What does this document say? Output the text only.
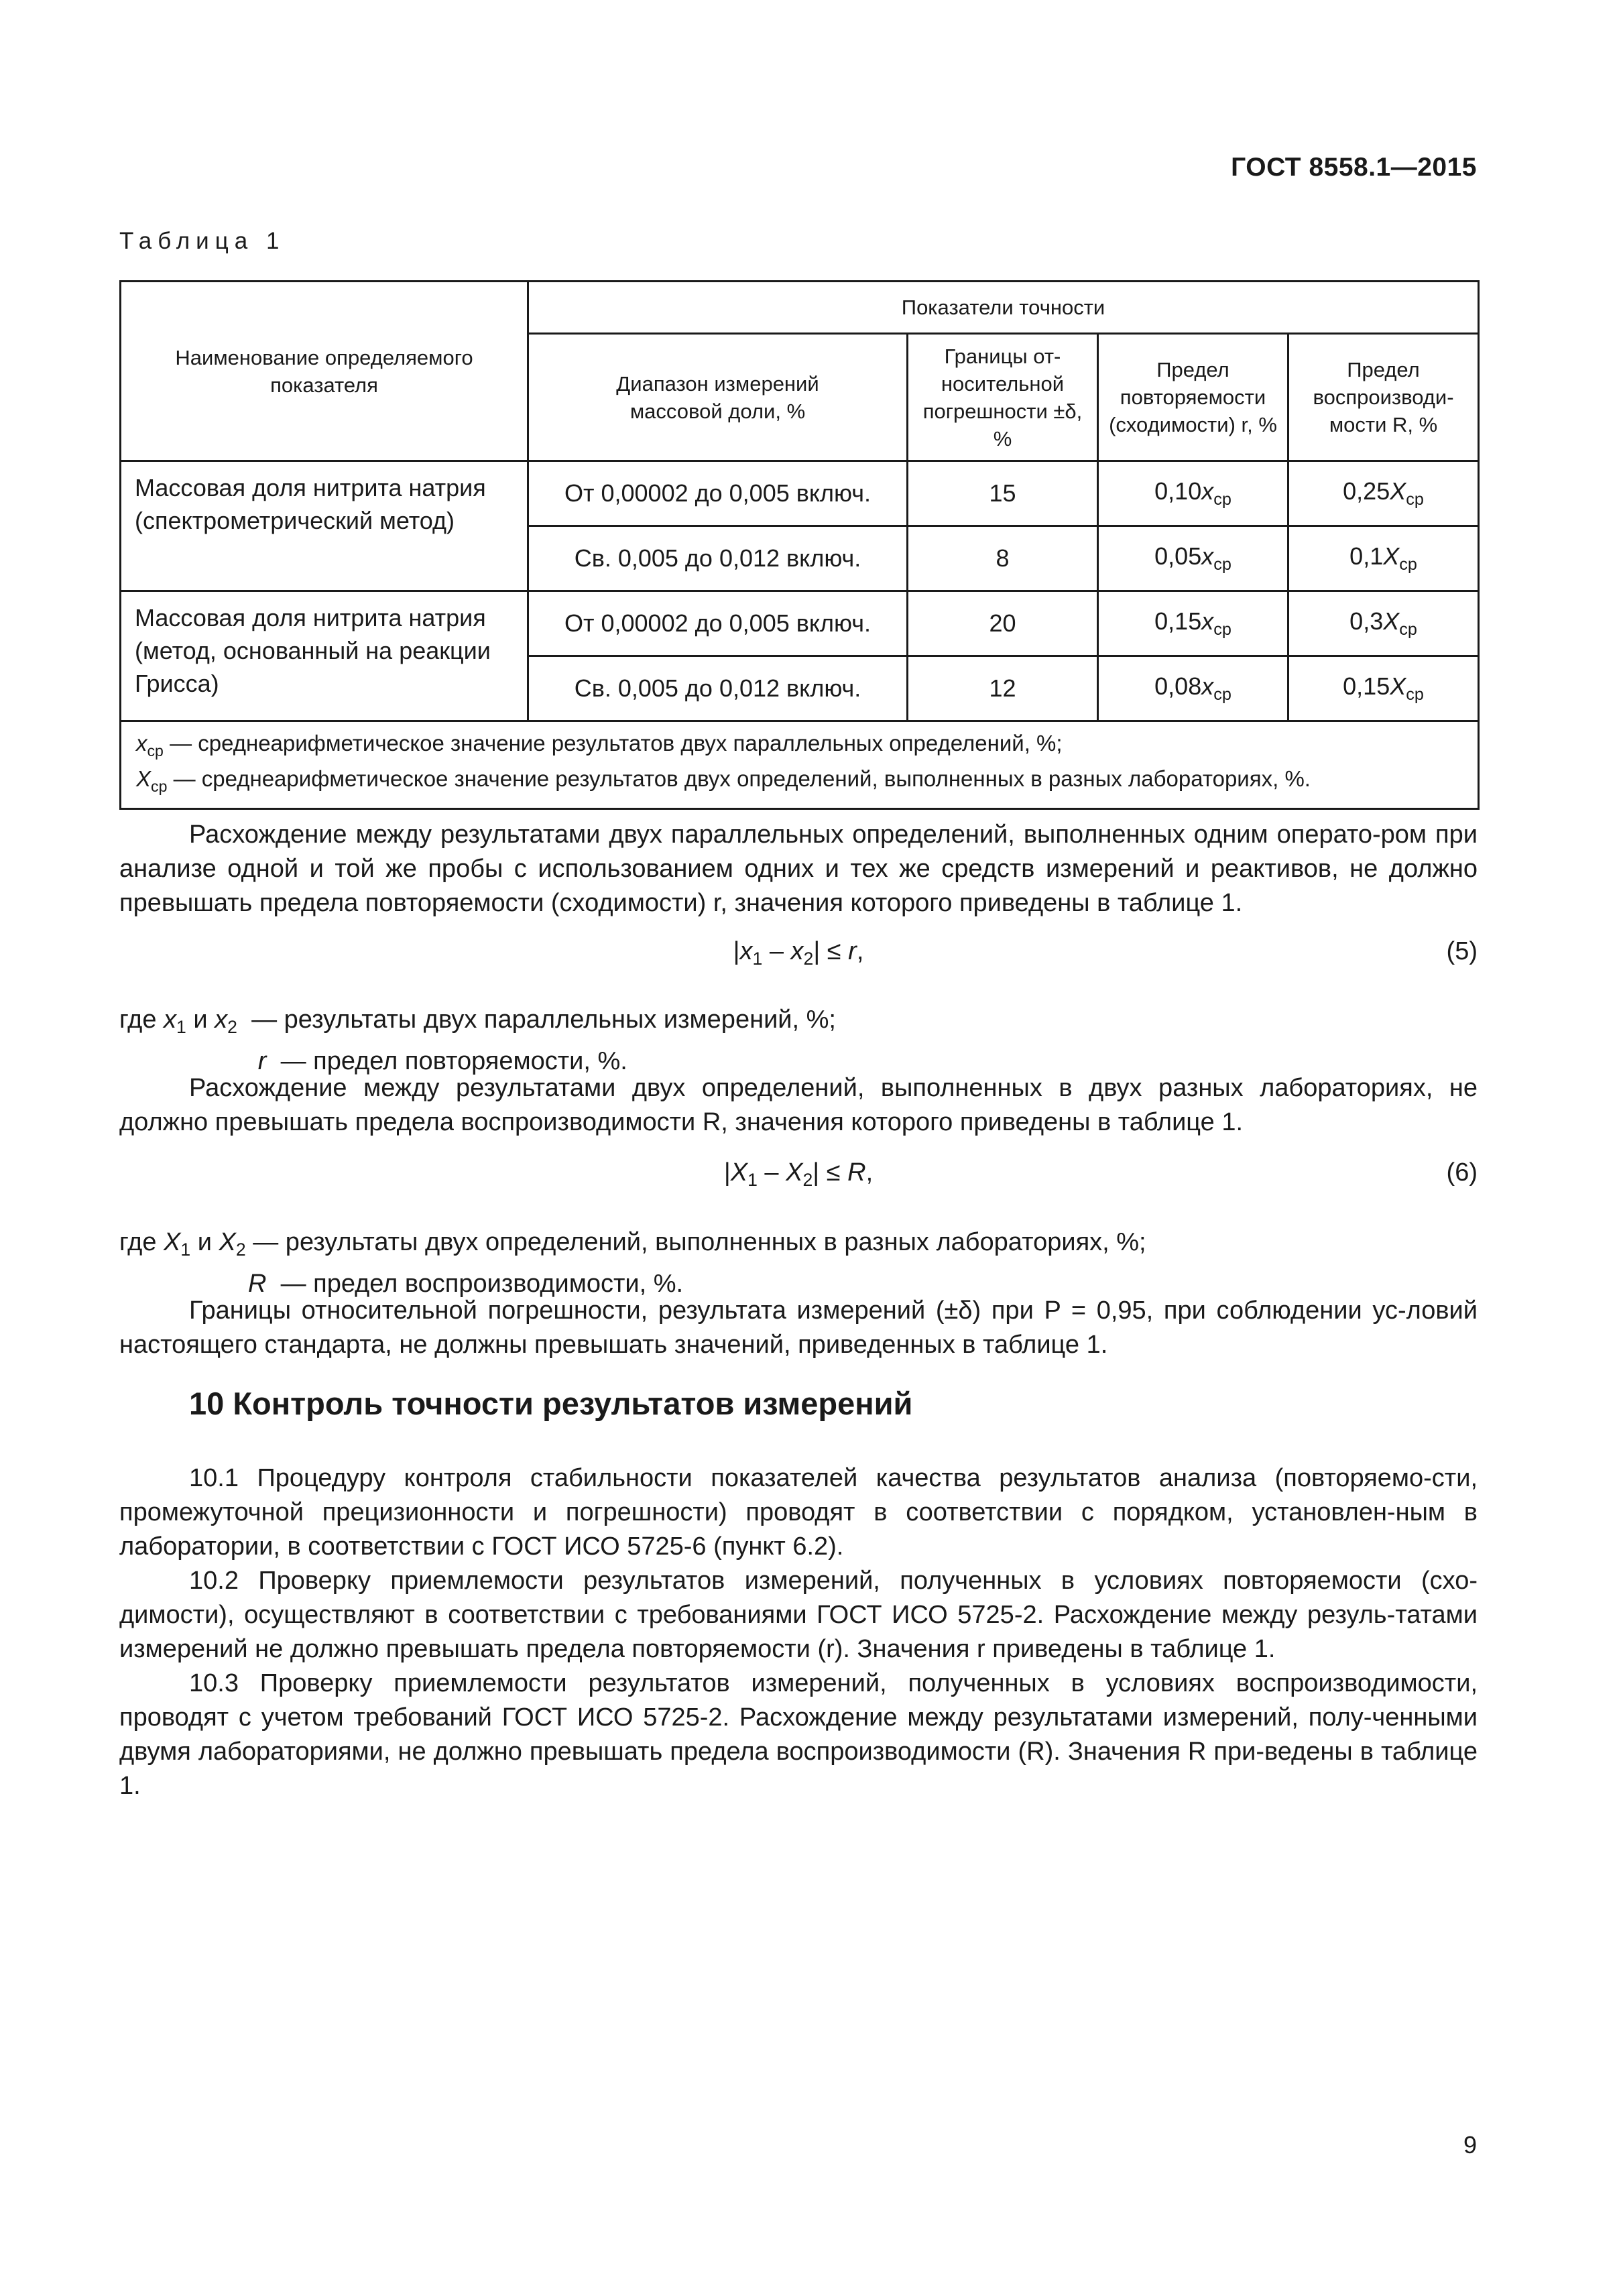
ГОСТ 8558.1—2015
Таблица 1
Наименование определяемого показателя	Показатели точности			
	Диапазон измерений массовой доли, %	Границы от-носительной погрешности ±δ, %	Предел повторяемости (сходимости) r, %	Предел воспроизводи-мости R, %
Массовая доля нитрита натрия (спектрометрический метод)	От 0,00002 до 0,005 включ.	15	$0,10x_{ср}$	$0,25X_{ср}$
	Св. 0,005 до 0,012 включ.	8	$0,05x_{ср}$	$0,1X_{ср}$
Массовая доля нитрита натрия (метод, основанный на реакции Грисса)	От 0,00002 до 0,005 включ.	20	$0,15x_{ср}$	$0,3X_{ср}$
	Св. 0,005 до 0,012 включ.	12	$0,08x_{ср}$	$0,15X_{ср}$

$x_{ср}$ — среднеарифметическое значение результатов двух параллельных определений, %;
$X_{ср}$ — среднеарифметическое значение результатов двух определений, выполненных в разных лабораториях, %.				

Расхождение между результатами двух параллельных определений, выполненных одним операто-ром при анализе одной и той же пробы с использованием одних и тех же средств измерений и реактивов, не должно превышать предела повторяемости (сходимости) r, значения которого приведены в таблице 1.

$|x_1 - x_2| \le r$,	(5)
где $x_1$ и $x_2$ — результаты двух параллельных измерений, %;
r — предел повторяемости, %.

Расхождение между результатами двух определений, выполненных в двух разных лабораториях, не должно превышать предела воспроизводимости R, значения которого приведены в таблице 1.

$|X_1 - X_2| \le R$,	(6)
где $X_1$ и $X_2$ — результаты двух определений, выполненных в разных лабораториях, %;
R — предел воспроизводимости, %.

Границы относительной погрешности, результата измерений (±δ) при P = 0,95, при соблюдении ус-ловий настоящего стандарта, не должны превышать значений, приведенных в таблице 1.

10 Контроль точности результатов измерений

10.1 Процедуру контроля стабильности показателей качества результатов анализа (повторяемо-сти, промежуточной прецизионности и погрешности) проводят в соответствии с порядком, установлен-ным в лаборатории, в соответствии с ГОСТ ИСО 5725-6 (пункт 6.2).

10.2 Проверку приемлемости результатов измерений, полученных в условиях повторяемости (схо-димости), осуществляют в соответствии с требованиями ГОСТ ИСО 5725-2. Расхождение между резуль-татами измерений не должно превышать предела повторяемости (r). Значения r приведены в таблице 1.

10.3 Проверку приемлемости результатов измерений, полученных в условиях воспроизводимости, проводят с учетом требований ГОСТ ИСО 5725-2. Расхождение между результатами измерений, полу-ченными двумя лабораториями, не должно превышать предела воспроизводимости (R). Значения R при-ведены в таблице 1.

9
